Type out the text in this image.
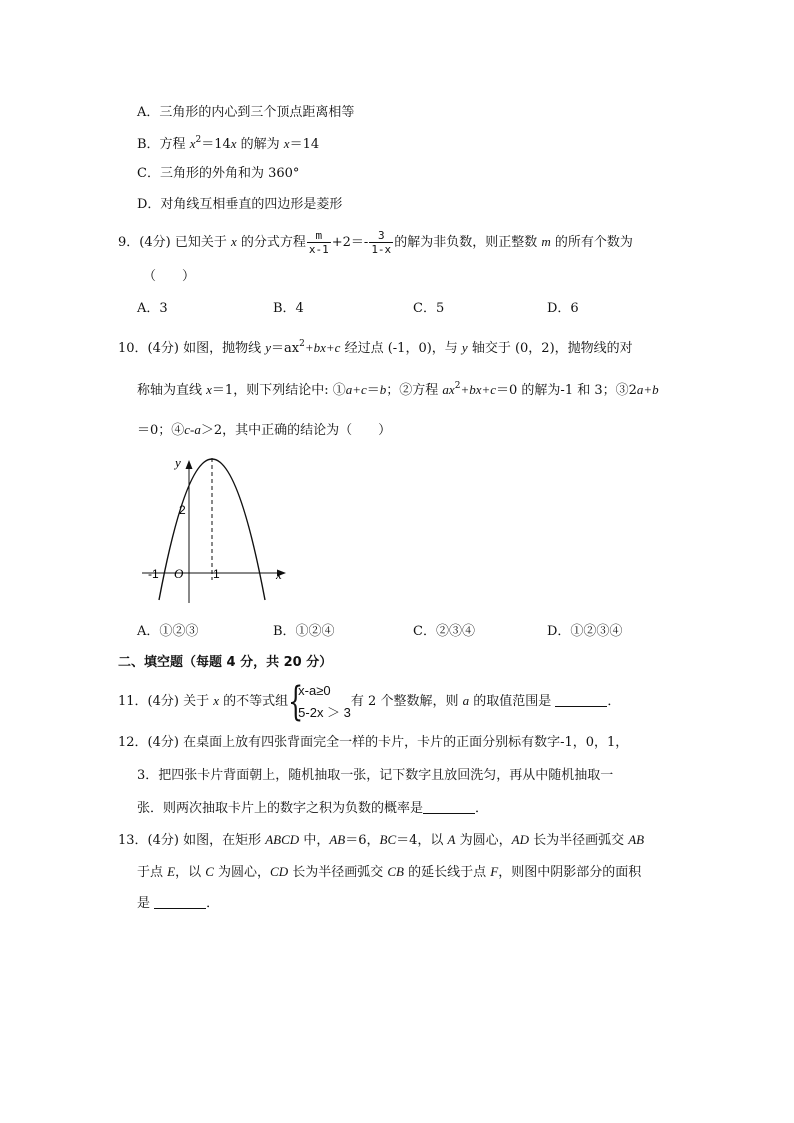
A．三角形的内心到三个顶点距离相等
B．方程 $x^2=14x$ 的解为 x＝14
C．三角形的外角和为 360°
D．对角线互相垂直的四边形是菱形
9．(4分) 已知关于 x 的分式方程 $\frac{m}{x-1} +2=- \frac{3}{1-x}$ 的解为非负数，则正整数 m 的所有个数为
（　　）
A．3	B．4	C．5	D．6
10．(4分) 如图，抛物线 $y=ax^2+bx+c$ 经过点 (-1，0)，与 y 轴交于 (0，2)，抛物线的对
称轴为直线 x＝1，则下列结论中: ①a+c＝b；②方程 $ax^2+bx+c=0$ 的解为-1 和 3；③2a+b
＝0；④c-a＞2，其中正确的结论为（　　）
y
x
O
-1	1
2
A．①②③	B．①②④	C．②③④	D．①②③④
二、填空题（每题 4 分，共 20 分）
11．(4分) 关于 x 的不等式组 {
x-a≥0
5-2x ＞ 3
有 2 个整数解，则 a 的取值范围是	．
12．(4分) 在桌面上放有四张背面完全一样的卡片，卡片的正面分别标有数字-1，0，1，
3．把四张卡片背面朝上，随机抽取一张，记下数字且放回洗匀，再从中随机抽取一
张．则两次抽取卡片上的数字之积为负数的概率是	．
13．(4分) 如图，在矩形 ABCD 中，AB＝6，BC＝4，以 A 为圆心，AD 长为半径画弧交 AB
于点 E，以 C 为圆心，CD 长为半径画弧交 CB 的延长线于点 F，则图中阴影部分的面积
是	．
